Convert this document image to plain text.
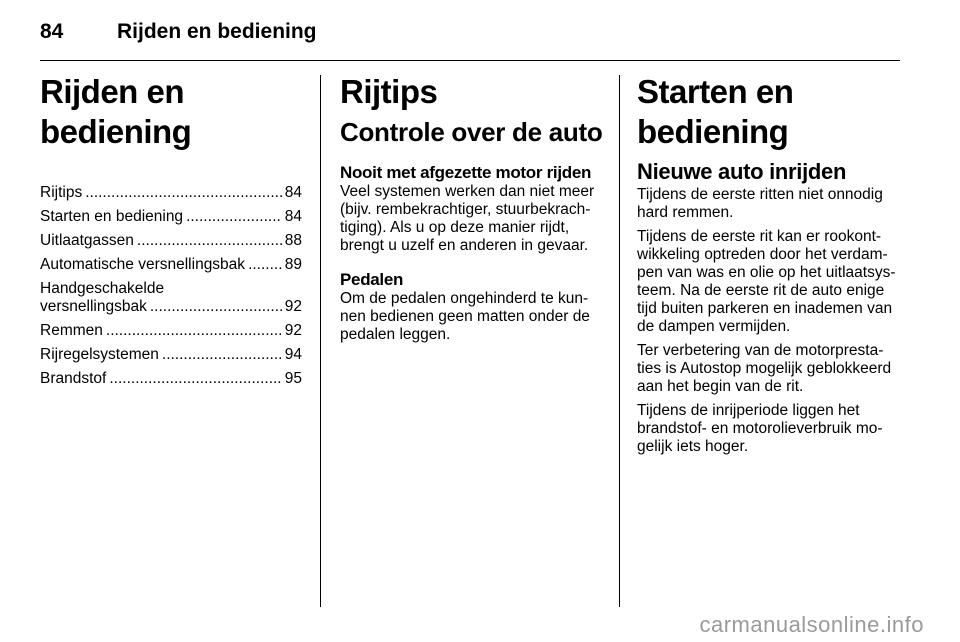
84	Rijden en bediening
Rijden en bediening
Rijtips .....	84
Starten en bediening .....	84
Uitlaatgassen .....	88
Automatische versnellingsbak .....	89
Handgeschakelde
versnellingsbak .....	92
Remmen .....	92
Rijregelsystemen .....	94
Brandstof .....	95
Rijtips
Controle over de auto
Nooit met afgezette motor rijden

Veel systemen werken dan niet meer (bijv. rembekrachtiger, stuurbekrach-tiging). Als u op deze manier rijdt, brengt u uzelf en anderen in gevaar.

Pedalen

Om de pedalen ongehinderd te kun-nen bedienen geen matten onder de pedalen leggen.

Starten en bediening
Nieuwe auto inrijden

Tijdens de eerste ritten niet onnodig hard remmen.

Tijdens de eerste rit kan er rookont-wikkeling optreden door het verdam-pen van was en olie op het uitlaatsys-teem. Na de eerste rit de auto enige tijd buiten parkeren en inademen van de dampen vermijden.

Ter verbetering van de motorpresta-ties is Autostop mogelijk geblokkeerd aan het begin van de rit.

Tijdens de inrijperiode liggen het brandstof- en motorolieverbruik mo-gelijk iets hoger.

carmanualsonline.info
